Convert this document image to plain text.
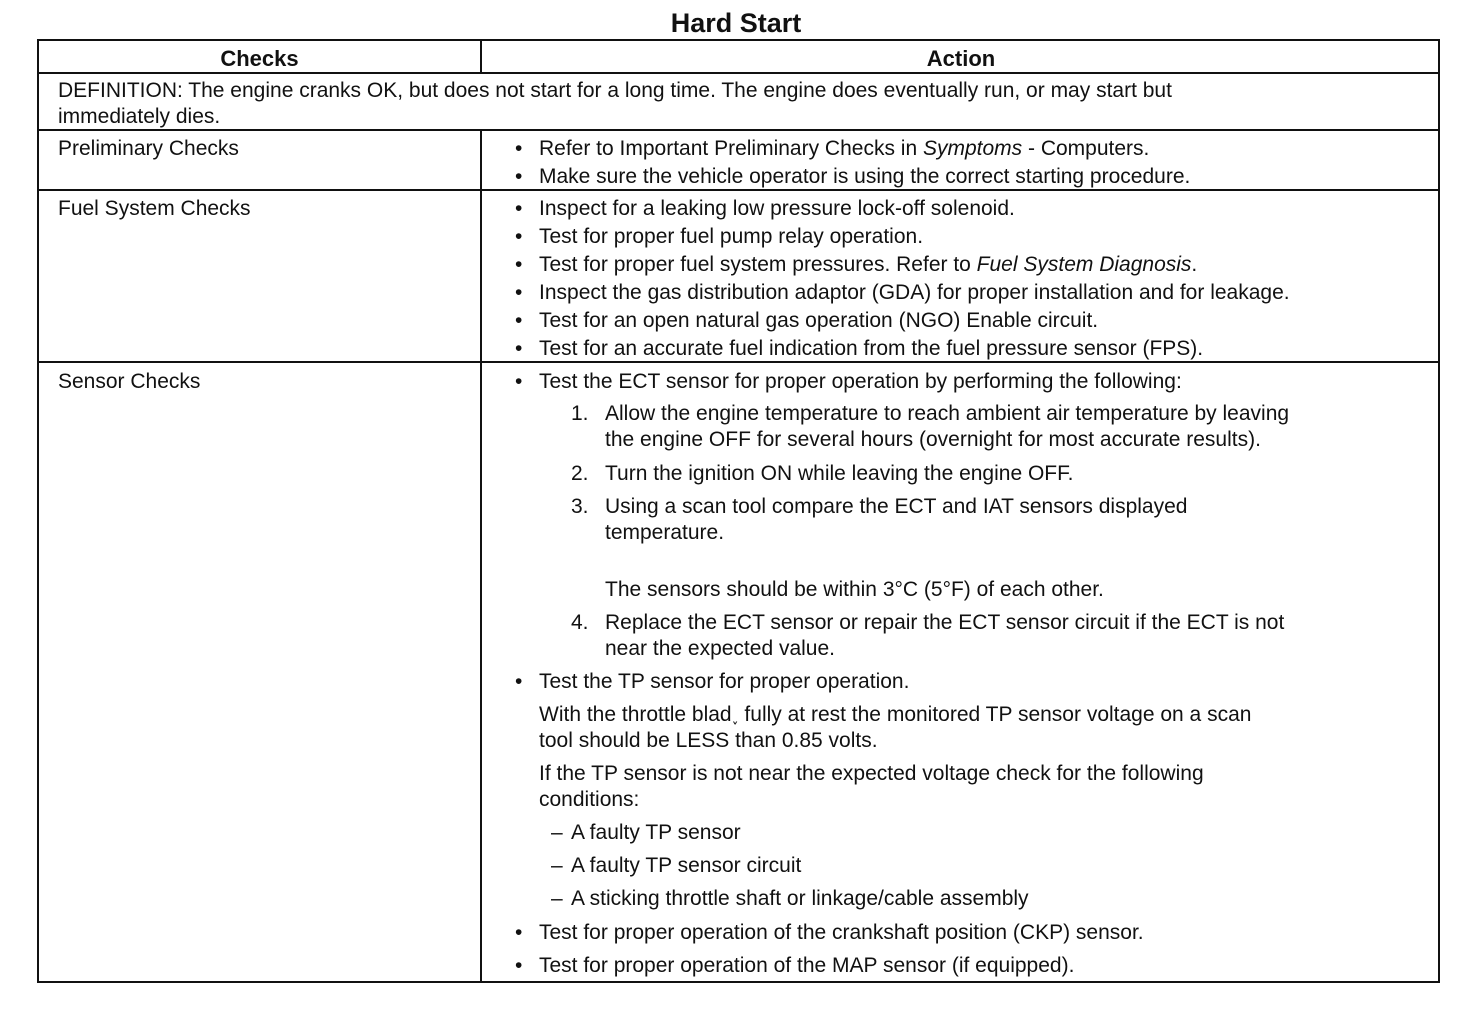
Hard Start
Checks	Action
DEFINITION: The engine cranks OK, but does not start for a long time. The engine does eventually run, or may start but
immediately dies.
Preliminary Checks	• Refer to Important Preliminary Checks in Symptoms - Computers.
• Make sure the vehicle operator is using the correct starting procedure.
Fuel System Checks	• Inspect for a leaking low pressure lock-off solenoid.
• Test for proper fuel pump relay operation.
• Test for proper fuel system pressures. Refer to Fuel System Diagnosis.
• Inspect the gas distribution adaptor (GDA) for proper installation and for leakage.
• Test for an open natural gas operation (NGO) Enable circuit.
• Test for an accurate fuel indication from the fuel pressure sensor (FPS).
Sensor Checks	• Test the ECT sensor for proper operation by performing the following:
1. Allow the engine temperature to reach ambient air temperature by leaving
the engine OFF for several hours (overnight for most accurate results).
2. Turn the ignition ON while leaving the engine OFF.
3. Using a scan tool compare the ECT and IAT sensors displayed
temperature.
The sensors should be within 3°C (5°F) of each other.
4. Replace the ECT sensor or repair the ECT sensor circuit if the ECT is not
near the expected value.
• Test the TP sensor for proper operation.
With the throttle blad˯ fully at rest the monitored TP sensor voltage on a scan
tool should be LESS than 0.85 volts.
If the TP sensor is not near the expected voltage check for the following
conditions:
– A faulty TP sensor
– A faulty TP sensor circuit
– A sticking throttle shaft or linkage/cable assembly
• Test for proper operation of the crankshaft position (CKP) sensor.
• Test for proper operation of the MAP sensor (if equipped).
